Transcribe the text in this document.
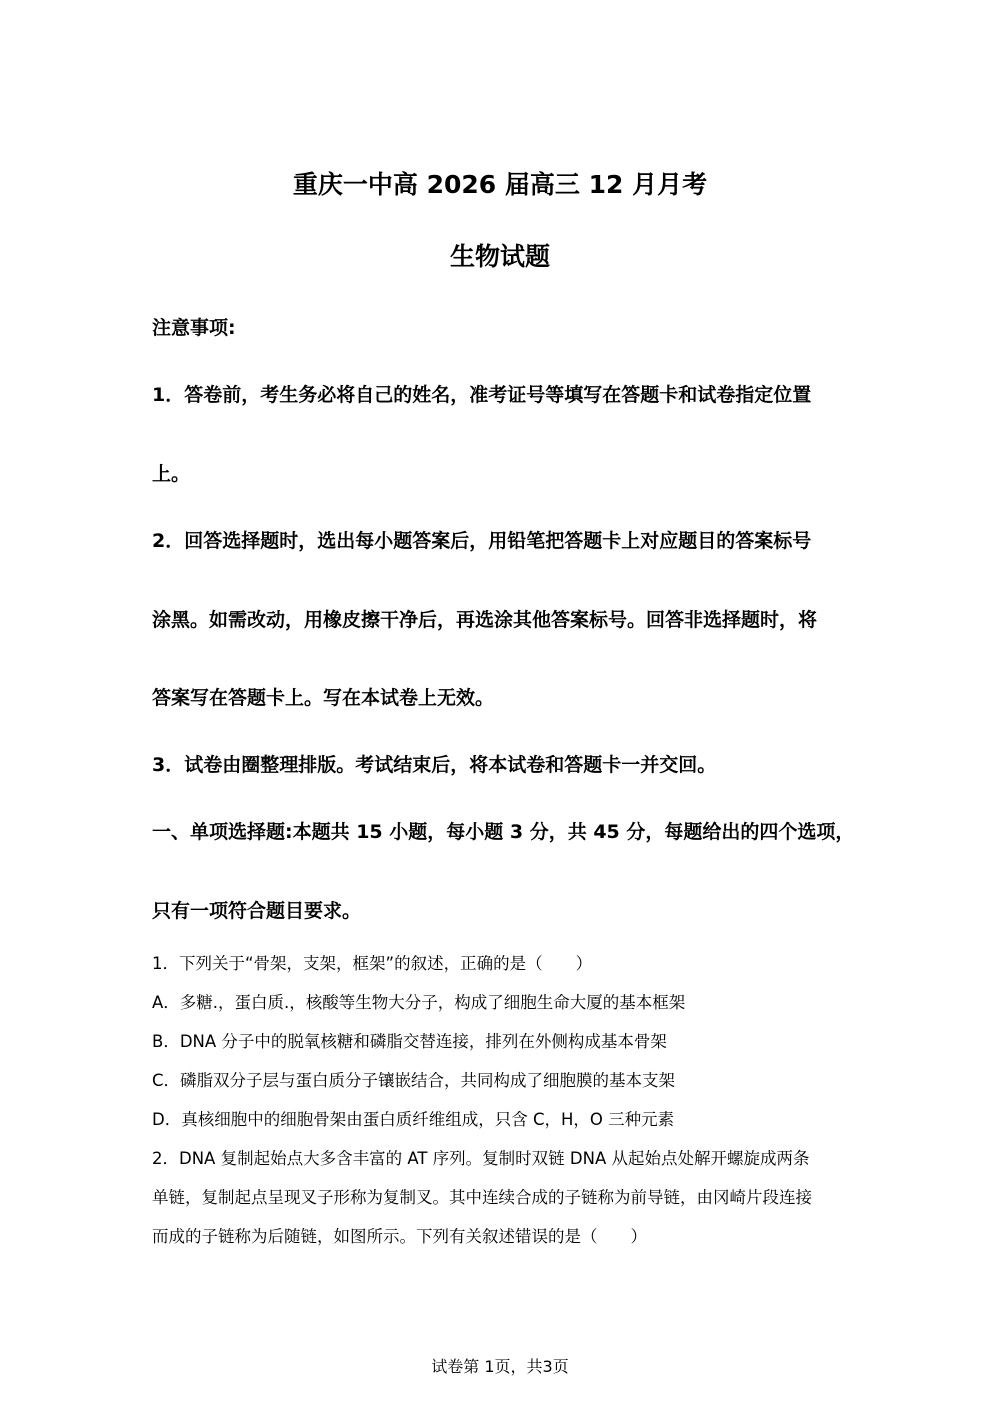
重庆一中高 2026 届高三 12 月月考
生物试题
注意事项:
1．答卷前，考生务必将自己的姓名，准考证号等填写在答题卡和试卷指定位置
上。
2．回答选择题时，选出每小题答案后，用铅笔把答题卡上对应题目的答案标号
涂黑。如需改动，用橡皮擦干净后，再选涂其他答案标号。回答非选择题时，将
答案写在答题卡上。写在本试卷上无效。
3．试卷由圈整理排版。考试结束后，将本试卷和答题卡一并交回。
一、单项选择题:本题共 15 小题，每小题 3 分，共 45 分，每题给出的四个选项，
只有一项符合题目要求。
1．下列关于“骨架，支架，框架”的叙述，正确的是（　　）
A．多糖.，蛋白质.，核酸等生物大分子，构成了细胞生命大厦的基本框架
B．DNA 分子中的脱氧核糖和磷脂交替连接，排列在外侧构成基本骨架
C．磷脂双分子层与蛋白质分子镶嵌结合，共同构成了细胞膜的基本支架
D．真核细胞中的细胞骨架由蛋白质纤维组成，只含 C，H，O 三种元素
2．DNA 复制起始点大多含丰富的 AT 序列。复制时双链 DNA 从起始点处解开螺旋成两条
单链，复制起点呈现叉子形称为复制叉。其中连续合成的子链称为前导链，由冈崎片段连接
而成的子链称为后随链，如图所示。下列有关叙述错误的是（　　）
试卷第 1页，共3页
